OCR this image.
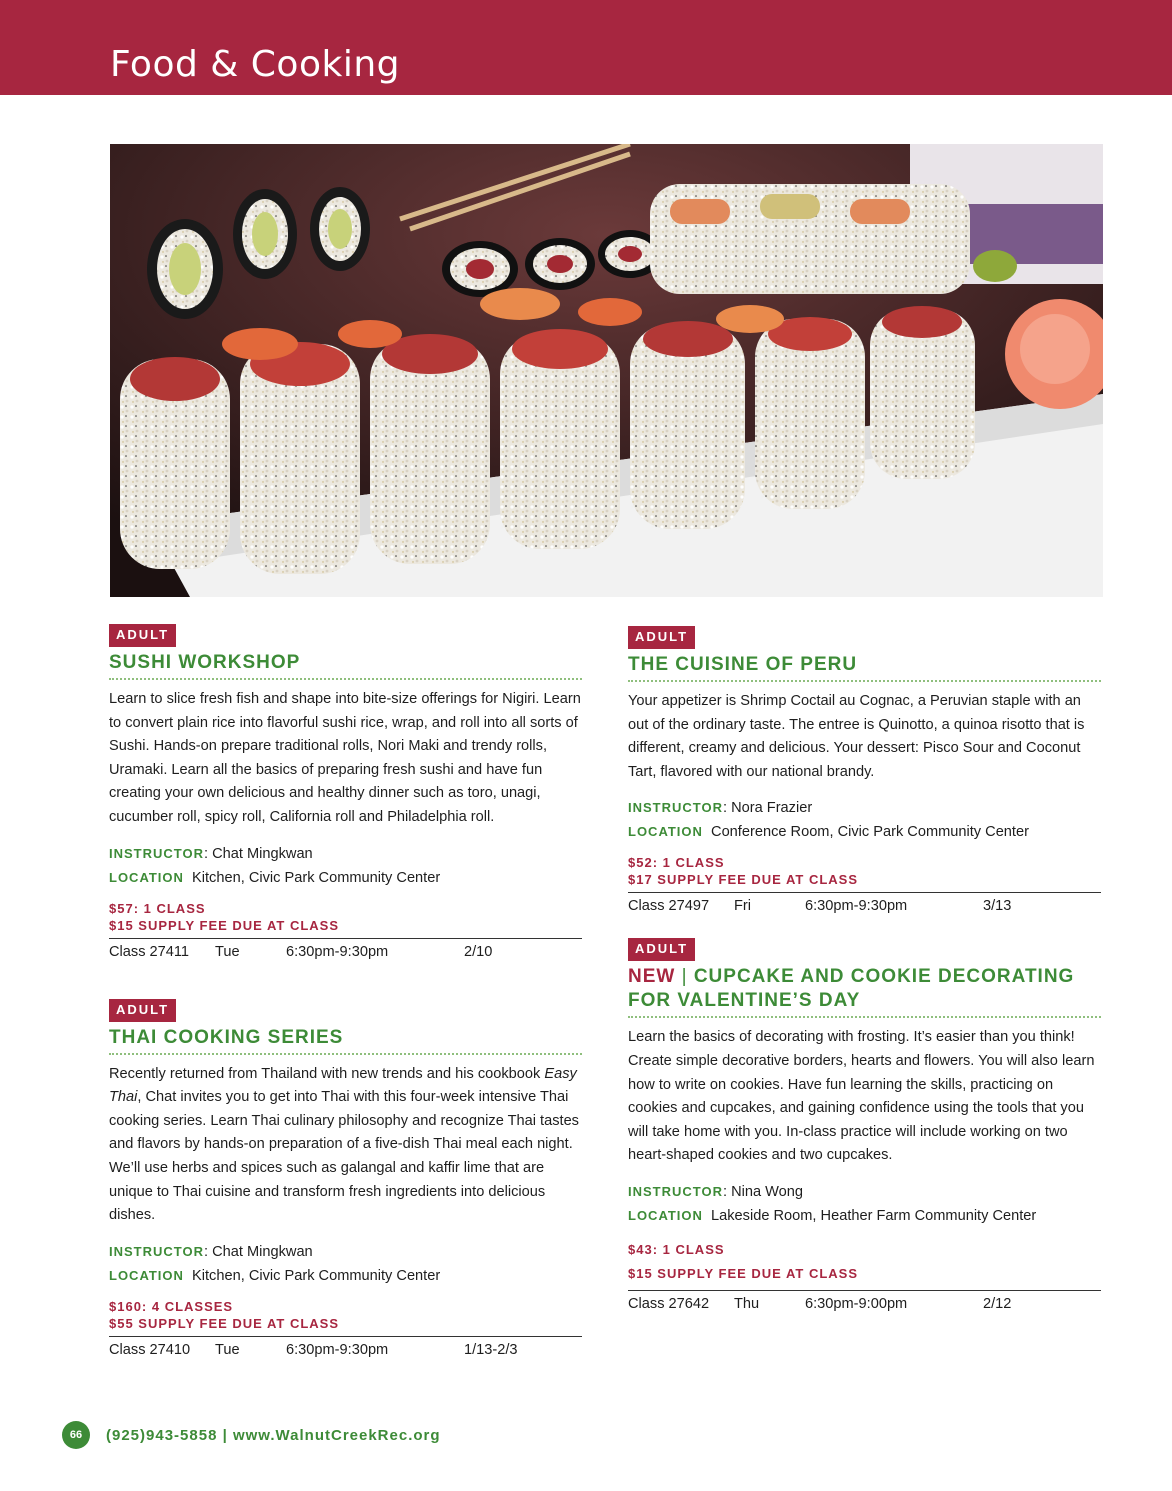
Food & Cooking
ADULT
SUSHI WORKSHOP
Learn to slice fresh fish and shape into bite-size offerings for Nigiri. Learn to convert plain rice into flavorful sushi rice, wrap, and roll into all sorts of Sushi. Hands-on prepare traditional rolls, Nori Maki and trendy rolls, Uramaki. Learn all the basics of preparing fresh sushi and have fun creating your own delicious and healthy dinner such as toro, unagi, cucumber roll, spicy roll, California roll and Philadelphia roll.
INSTRUCTOR: Chat Mingkwan
LOCATION Kitchen, Civic Park Community Center
$57: 1 CLASS
$15 SUPPLY FEE DUE AT CLASS
Class 27411	Tue	6:30pm-9:30pm	2/10
ADULT
THAI COOKING SERIES
Recently returned from Thailand with new trends and his cookbook Easy Thai, Chat invites you to get into Thai with this four-week intensive Thai cooking series. Learn Thai culinary philosophy and recognize Thai tastes and flavors by hands-on preparation of a five-dish Thai meal each night. We’ll use herbs and spices such as galangal and kaffir lime that are unique to Thai cuisine and transform fresh ingredients into delicious dishes.
INSTRUCTOR: Chat Mingkwan
LOCATION Kitchen, Civic Park Community Center
$160: 4 CLASSES
$55 SUPPLY FEE DUE AT CLASS
Class 27410	Tue	6:30pm-9:30pm	1/13-2/3
ADULT
THE CUISINE OF PERU
Your appetizer is Shrimp Coctail au Cognac, a Peruvian staple with an out of the ordinary taste. The entree is Quinotto, a quinoa risotto that is different, creamy and delicious. Your dessert: Pisco Sour and Coconut Tart, flavored with our national brandy.
INSTRUCTOR: Nora Frazier
LOCATION Conference Room, Civic Park Community Center
$52: 1 CLASS
$17 SUPPLY FEE DUE AT CLASS
Class 27497	Fri	6:30pm-9:30pm	3/13
ADULT
NEW | CUPCAKE AND COOKIE DECORATING FOR VALENTINE’S DAY
Learn the basics of decorating with frosting. It’s easier than you think! Create simple decorative borders, hearts and flowers. You will also learn how to write on cookies. Have fun learning the skills, practicing on cookies and cupcakes, and gaining confidence using the tools that you will take home with you. In-class practice will include working on two heart-shaped cookies and two cupcakes.
INSTRUCTOR: Nina Wong
LOCATION Lakeside Room, Heather Farm Community Center
$43: 1 CLASS
$15 SUPPLY FEE DUE AT CLASS
Class 27642	Thu	6:30pm-9:00pm	2/12
66	(925)943-5858 | www.WalnutCreekRec.org
